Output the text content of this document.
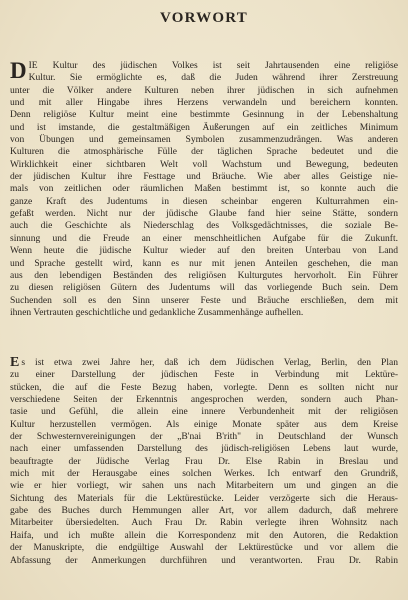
VORWORT
D IE Kultur des jüdischen Volkes ist seit Jahrtausenden eine religiöse
Kultur. Sie ermöglichte es, daß die Juden während ihrer Zerstreuung
unter die Völker andere Kulturen neben ihrer jüdischen in sich aufnehmen
und mit aller Hingabe ihres Herzens verwandeln und bereichern konnten.
Denn religiöse Kultur meint eine bestimmte Gesinnung in der Lebenshaltung
und ist imstande, die gestaltmäßigen Äußerungen auf ein zeitliches Minimum
von Übungen und gemeinsamen Symbolen zusammenzudrängen. Was anderen
Kulturen die atmosphärische Fülle der täglichen Sprache bedeutet und die
Wirklichkeit einer sichtbaren Welt voll Wachstum und Bewegung, bedeuten
der jüdischen Kultur ihre Festtage und Bräuche. Wie aber alles Geistige nie-
mals von zeitlichen oder räumlichen Maßen bestimmt ist, so konnte auch die
ganze Kraft des Judentums in diesen scheinbar engeren Kulturrahmen ein-
gefaßt werden. Nicht nur der jüdische Glaube fand hier seine Stätte, sondern
auch die Geschichte als Niederschlag des Volksgedächtnisses, die soziale Be-
sinnung und die Freude an einer menschheitlichen Aufgabe für die Zukunft.
Wenn heute die jüdische Kultur wieder auf den breiten Unterbau von Land
und Sprache gestellt wird, kann es nur mit jenen Anteilen geschehen, die man
aus den lebendigen Beständen des religiösen Kulturgutes hervorholt. Ein Führer
zu diesen religiösen Gütern des Judentums will das vorliegende Buch sein. Dem
Suchenden soll es den Sinn unserer Feste und Bräuche erschließen, dem mit
ihnen Vertrauten geschichtliche und gedankliche Zusammenhänge aufhellen.
E s ist etwa zwei Jahre her, daß ich dem Jüdischen Verlag, Berlin, den Plan
zu einer Darstellung der jüdischen Feste in Verbindung mit Lektüre-
stücken, die auf die Feste Bezug haben, vorlegte. Denn es sollten nicht nur
verschiedene Seiten der Erkenntnis angesprochen werden, sondern auch Phan-
tasie und Gefühl, die allein eine innere Verbundenheit mit der religiösen
Kultur herzustellen vermögen. Als einige Monate später aus dem Kreise
der Schwesternvereinigungen der „B'nai B'rith" in Deutschland der Wunsch
nach einer umfassenden Darstellung des jüdisch-religiösen Lebens laut wurde,
beauftragte der Jüdische Verlag Frau Dr. Else Rabin in Breslau und
mich mit der Herausgabe eines solchen Werkes. Ich entwarf den Grundriß,
wie er hier vorliegt, wir sahen uns nach Mitarbeitern um und gingen an die
Sichtung des Materials für die Lektürestücke. Leider verzögerte sich die Heraus-
gabe des Buches durch Hemmungen aller Art, vor allem dadurch, daß mehrere
Mitarbeiter übersiedelten. Auch Frau Dr. Rabin verlegte ihren Wohnsitz nach
Haifa, und ich mußte allein die Korrespondenz mit den Autoren, die Redaktion
der Manuskripte, die endgültige Auswahl der Lektürestücke und vor allem die
Abfassung der Anmerkungen durchführen und verantworten. Frau Dr. Rabin
